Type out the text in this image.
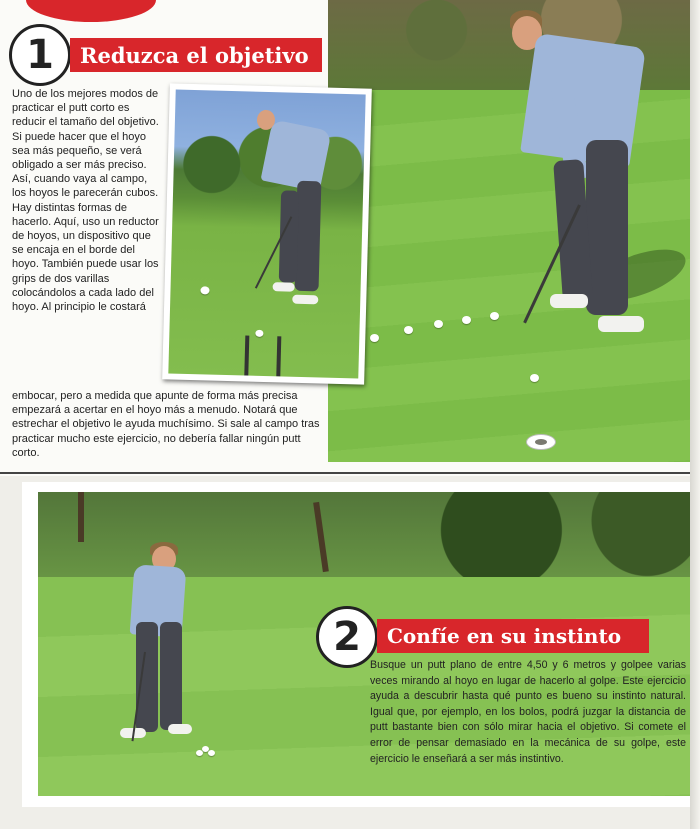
1 Reduzca el objetivo
Uno de los mejores modos de practicar el putt corto es reducir el tamaño del objetivo. Si puede hacer que el hoyo sea más pequeño, se verá obligado a ser más preciso. Así, cuando vaya al campo, los hoyos le parecerán cubos. Hay distintas formas de hacerlo. Aquí, uso un reductor de hoyos, un dispositivo que se encaja en el borde del hoyo. También puede usar los grips de dos varillas colocándolos a cada lado del hoyo. Al principio le costará
embocar, pero a medida que apunte de forma más precisa empezará a acertar en el hoyo más a menudo. Notará que estrechar el objetivo le ayuda muchísimo. Si sale al campo tras practicar mucho este ejercicio, no debería fallar ningún putt corto.
2 Confíe en su instinto
Busque un putt plano de entre 4,50 y 6 metros y golpee varias veces mirando al hoyo en lugar de hacerlo al golpe. Este ejercicio ayuda a descubrir hasta qué punto es bueno su instinto natural. Igual que, por ejemplo, en los bolos, podrá juzgar la distancia de putt bastante bien con sólo mirar hacia el objetivo. Si comete el error de pensar demasiado en la mecánica de su golpe, este ejercicio le enseñará a ser más instintivo.
